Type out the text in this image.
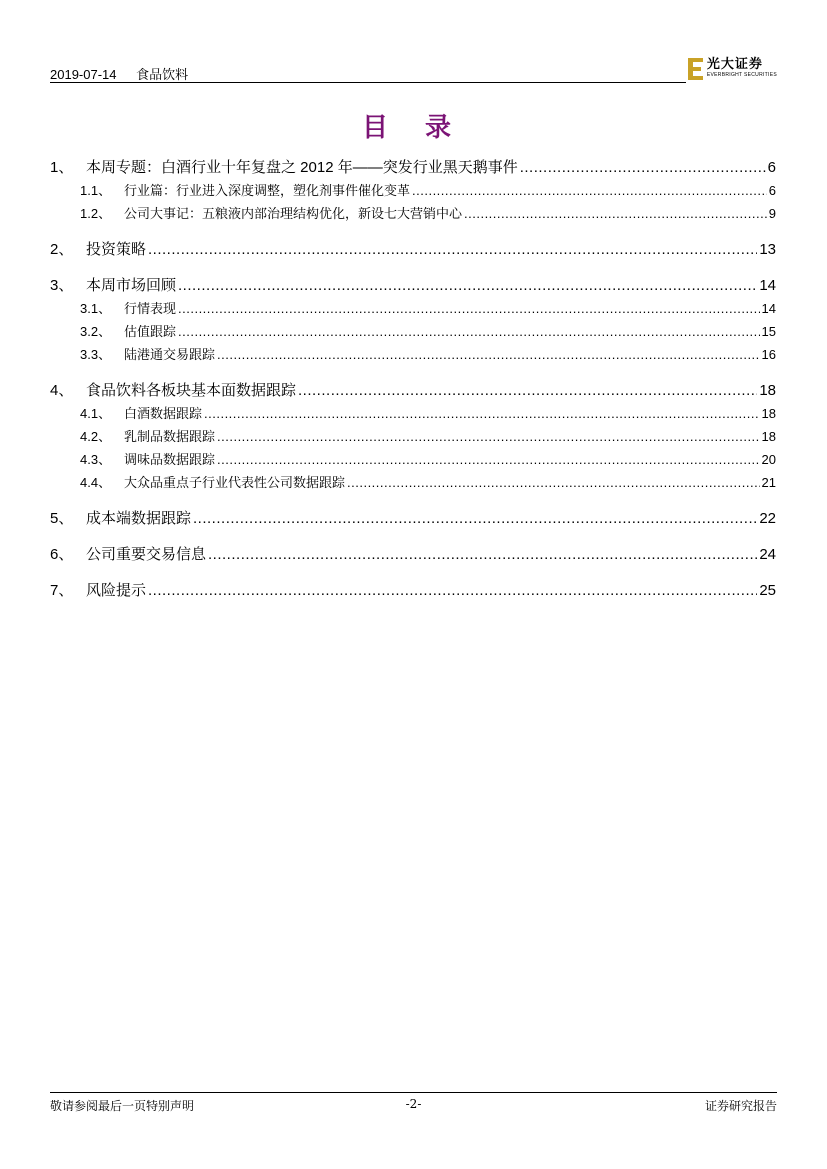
2019-07-14 食品饮料
光大证券
EVERBRIGHT SECURITIES
目 录
1、 本周专题：白酒行业十年复盘之 2012 年——突发行业黑天鹅事件 .....	6
1.1、 行业篇：行业进入深度调整，塑化剂事件催化变革 .....	6
1.2、 公司大事记：五粮液内部治理结构优化，新设七大营销中心 .....	9
2、 投资策略 .....	13
3、 本周市场回顾 .....	14
3.1、 行情表现 .....	14
3.2、 估值跟踪 .....	15
3.3、 陆港通交易跟踪 .....	16
4、 食品饮料各板块基本面数据跟踪 .....	18
4.1、 白酒数据跟踪 .....	18
4.2、 乳制品数据跟踪 .....	18
4.3、 调味品数据跟踪 .....	20
4.4、 大众品重点子行业代表性公司数据跟踪 .....	21
5、 成本端数据跟踪 .....	22
6、 公司重要交易信息 .....	24
7、 风险提示 .....	25
敬请参阅最后一页特别声明	-2-	证券研究报告
